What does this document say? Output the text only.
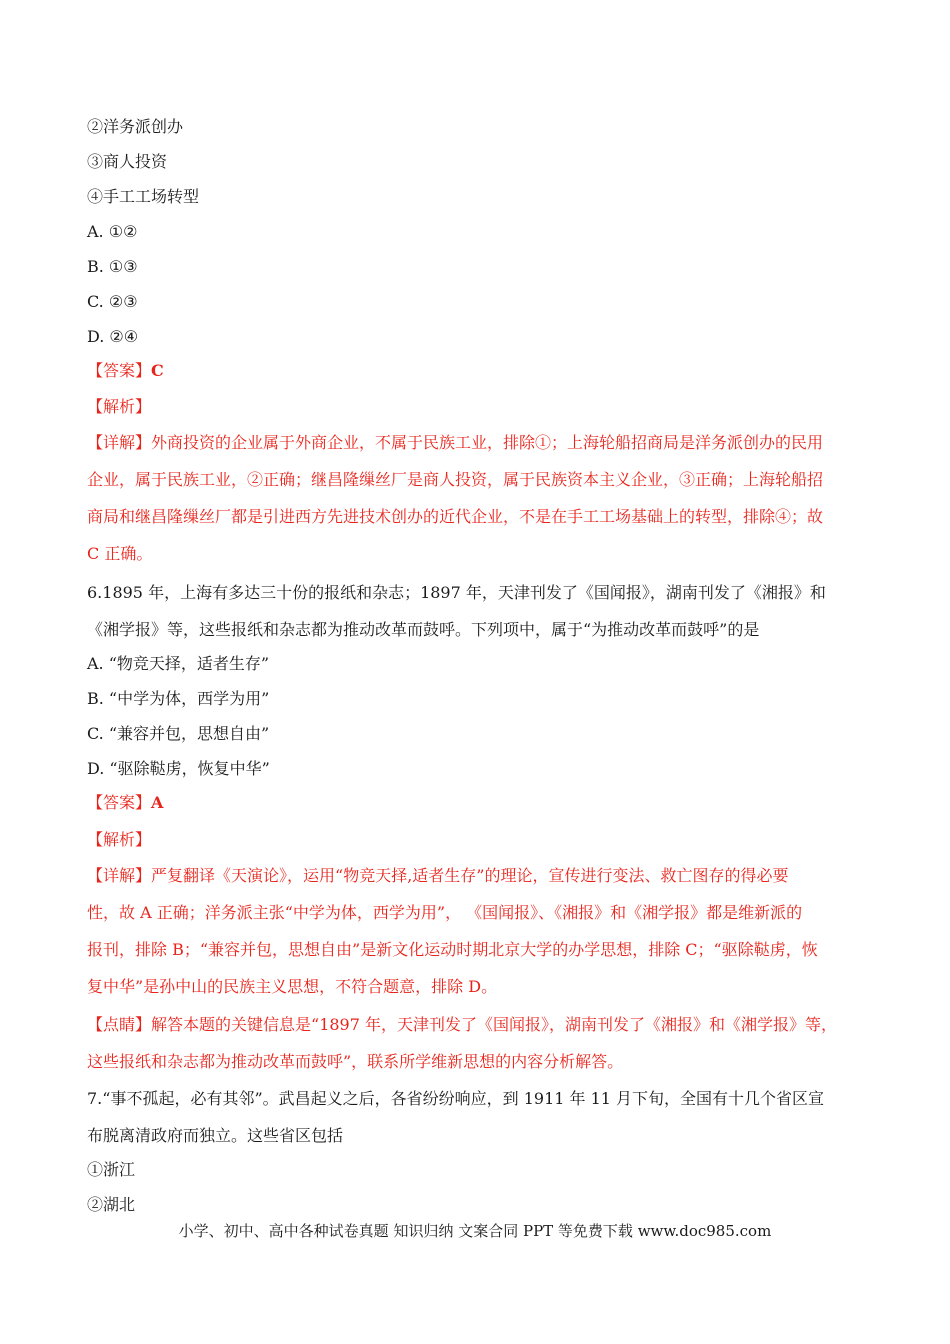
②洋务派创办
③商人投资
④手工工场转型
A. ①②
B. ①③
C. ②③
D. ②④
【答案】C
【解析】
【详解】外商投资的企业属于外商企业，不属于民族工业，排除①；上海轮船招商局是洋务派创办的民用
企业，属于民族工业，②正确；继昌隆缫丝厂是商人投资，属于民族资本主义企业，③正确；上海轮船招
商局和继昌隆缫丝厂都是引进西方先进技术创办的近代企业，不是在手工工场基础上的转型，排除④；故
C 正确。
6.1895 年，上海有多达三十份的报纸和杂志；1897 年，天津刊发了《国闻报》，湖南刊发了《湘报》和
《湘学报》等，这些报纸和杂志都为推动改革而鼓呼。下列项中，属于“为推动改革而鼓呼”的是
A. “物竞天择，适者生存”
B. “中学为体，西学为用”
C. “兼容并包，思想自由”
D. “驱除鞑虏，恢复中华”
【答案】A
【解析】
【详解】严复翻译《天演论》，运用“物竞天择,适者生存”的理论，宣传进行变法、救亡图存的得必要
性，故 A 正确；洋务派主张“中学为体，西学为用”， 《国闻报》、《湘报》和《湘学报》都是维新派的
报刊，排除 B；“兼容并包，思想自由”是新文化运动时期北京大学的办学思想，排除 C；“驱除鞑虏，恢
复中华”是孙中山的民族主义思想，不符合题意，排除 D。
【点睛】解答本题的关键信息是“1897 年，天津刊发了《国闻报》，湖南刊发了《湘报》和《湘学报》等，
这些报纸和杂志都为推动改革而鼓呼”，联系所学维新思想的内容分析解答。
7.“事不孤起，必有其邻”。武昌起义之后，各省纷纷响应，到 1911 年 11 月下旬，全国有十几个省区宣
布脱离清政府而独立。这些省区包括
①浙江
②湖北
小学、初中、高中各种试卷真题 知识归纳 文案合同 PPT 等免费下载 www.doc985.com
